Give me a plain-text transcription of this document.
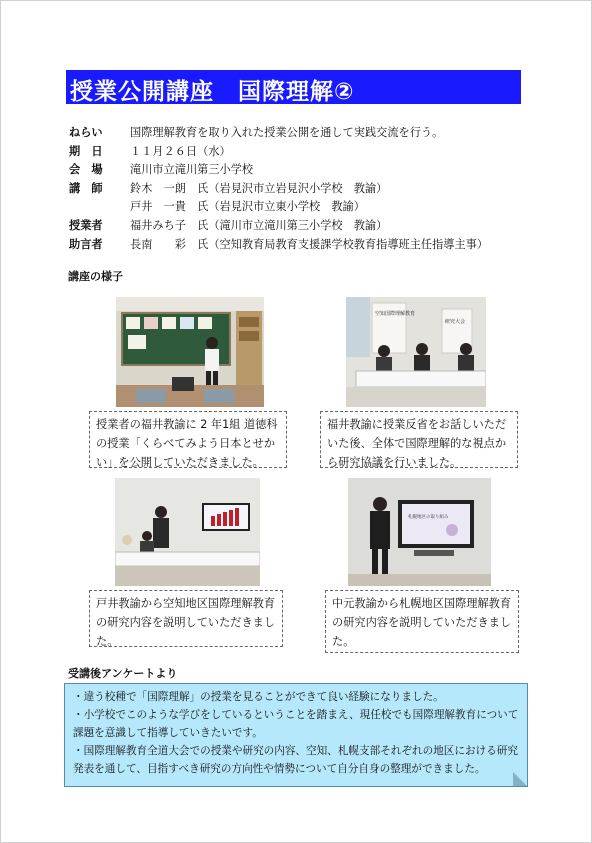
授業公開講座　国際理解②
ねらい 国際理解教育を取り入れた授業公開を通して実践交流を行う。
期　日 １１月２６日（水）
会　場 滝川市立滝川第三小学校
講　師 鈴木　一朗　氏（岩見沢市立岩見沢小学校　教諭）
戸井　一貴　氏（岩見沢市立東小学校　教諭）
授業者 福井みち子　氏（滝川市立滝川第三小学校　教諭）
助言者 長南　　彩　氏（空知教育局教育支援課学校教育指導班主任指導主事）
講座の様子
空知国際理解教育
研究大会
授業者の福井教諭に 2 年1組 道徳科の授業「くらべてみよう日本とせかい」を公開していただきました。
福井教諭に授業反省をお話しいただいた後、全体で国際理解的な視点から研究協議を行いました。
札幌地区の取り組み
戸井教諭から空知地区国際理解教育の研究内容を説明していただきました。
中元教諭から札幌地区国際理解教育の研究内容を説明していただきました。
受講後アンケートより
・違う校種で「国際理解」の授業を見ることができて良い経験になりました。
・小学校でこのような学びをしているということを踏まえ、現任校でも国際理解教育について課題を意識して指導していきたいです。
・国際理解教育全道大会での授業や研究の内容、空知、札幌支部それぞれの地区における研究発表を通して、目指すべき研究の方向性や情勢について自分自身の整理ができました。
